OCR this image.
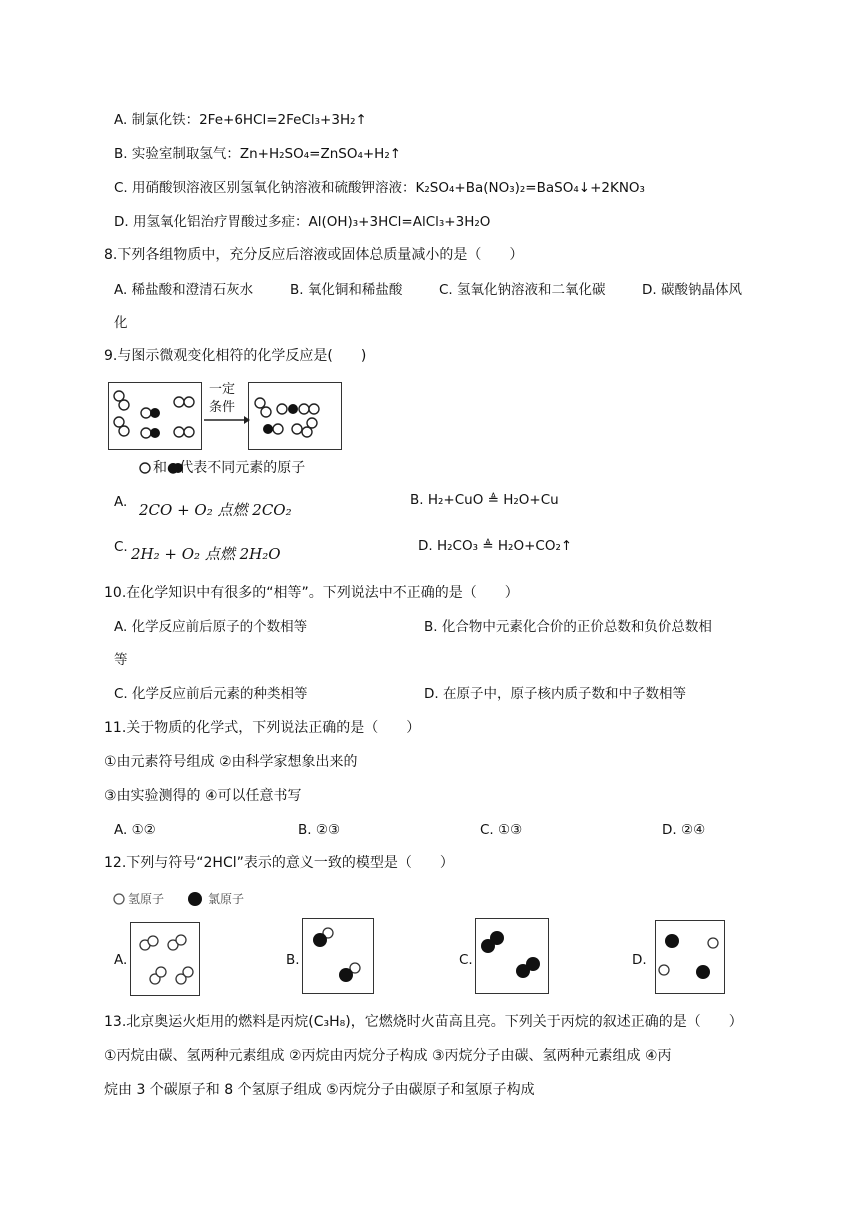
A. 制氯化铁：2Fe+6HCl=2FeCl₃+3H₂↑
B. 实验室制取氢气：Zn+H₂SO₄=ZnSO₄+H₂↑
C. 用硝酸钡溶液区别氢氧化钠溶液和硫酸钾溶液：K₂SO₄+Ba(NO₃)₂=BaSO₄↓+2KNO₃
D. 用氢氧化铝治疗胃酸过多症：Al(OH)₃+3HCl=AlCl₃+3H₂O
8.下列各组物质中，充分反应后溶液或固体总质量减小的是（　　）
A. 稀盐酸和澄清石灰水	B. 氧化铜和稀盐酸	C. 氢氧化钠溶液和二氧化碳	D. 碳酸钠晶体风
化
9.与图示微观变化相符的化学反应是(　　)
一定
条件
和●代表不同元素的原子
A. 2CO + O₂ 点燃 2CO₂
B. H₂+CuO ≜ H₂O+Cu
C. 2H₂ + O₂ 点燃 2H₂O	D. H₂CO₃ ≜ H₂O+CO₂↑
10.在化学知识中有很多的“相等”。下列说法中不正确的是（　　）
A. 化学反应前后原子的个数相等	B. 化合物中元素化合价的正价总数和负价总数相
等
C. 化学反应前后元素的种类相等	D. 在原子中，原子核内质子数和中子数相等
11.关于物质的化学式，下列说法正确的是（　　）
①由元素符号组成 ②由科学家想象出来的
③由实验测得的 ④可以任意书写
A. ①②	B. ②③	C. ①③	D. ②④
12.下列与符号“2HCl”表示的意义一致的模型是（　　）
氢原子	氯原子
A.	B.	C.	D.
13.北京奥运火炬用的燃料是丙烷(C₃H₈)，它燃烧时火苗高且亮。下列关于丙烷的叙述正确的是（　　）
①丙烷由碳、氢两种元素组成 ②丙烷由丙烷分子构成 ③丙烷分子由碳、氢两种元素组成 ④丙
烷由 3 个碳原子和 8 个氢原子组成 ⑤丙烷分子由碳原子和氢原子构成
